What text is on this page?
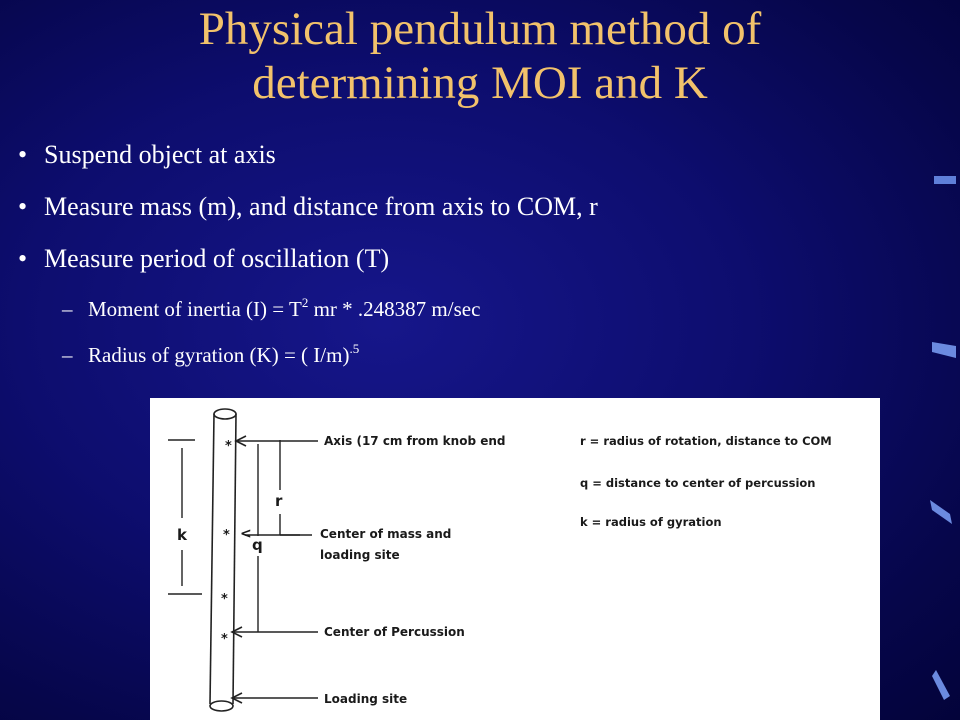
Physical pendulum method of
determining MOI and K
• Suspend object at axis
• Measure mass (m), and distance from axis to COM, r
• Measure period of oscillation (T)
– Moment of inertia $(I) = T^2$ mr * .248387 m/sec
– Radius of gyration (K) = ( I/m)$^{.5}$
*
*
*
*
k
r
q
<
Axis (17 cm from knob end
Center of mass and
loading site
Center of Percussion
Loading site
r = radius of rotation, distance to COM
q = distance to center of percussion
k = radius of gyration
